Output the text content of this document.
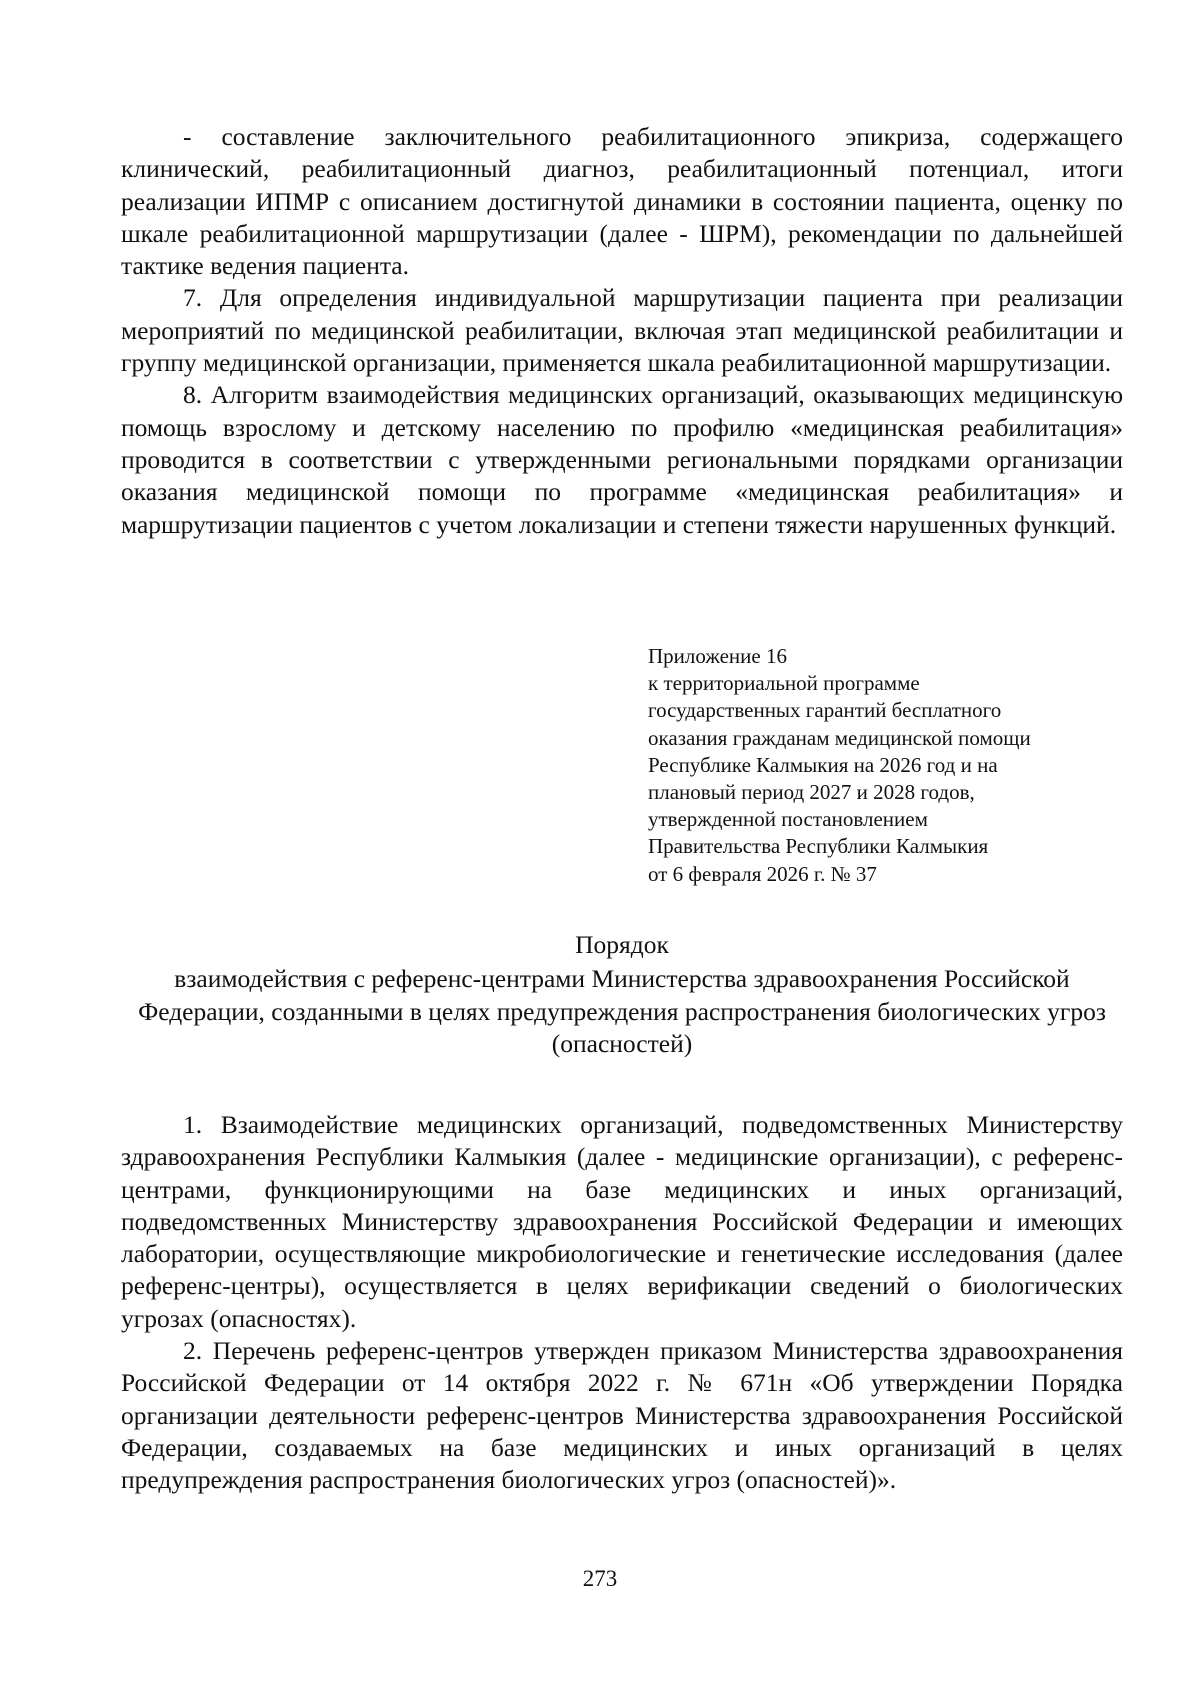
- составление заключительного реабилитационного эпикриза, содержащего клинический, реабилитационный диагноз, реабилитационный потенциал, итоги реализации ИПМР с описанием достигнутой динамики в состоянии пациента, оценку по шкале реабилитационной маршрутизации (далее - ШРМ), рекомендации по дальнейшей тактике ведения пациента.

7. Для определения индивидуальной маршрутизации пациента при реализации мероприятий по медицинской реабилитации, включая этап медицинской реабилитации и группу медицинской организации, применяется шкала реабилитационной маршрутизации.

8. Алгоритм взаимодействия медицинских организаций, оказывающих медицинскую помощь взрослому и детскому населению по профилю «медицинская реабилитация» проводится в соответствии с утвержденными региональными порядками организации оказания медицинской помощи по программе «медицинская реабилитация» и маршрутизации пациентов с учетом локализации и степени тяжести нарушенных функций.

Приложение 16
к территориальной программе
государственных гарантий бесплатного
оказания гражданам медицинской помощи
Республике Калмыкия на 2026 год и на
плановый период 2027 и 2028 годов,
утвержденной постановлением
Правительства Республики Калмыкия
от 6 февраля 2026 г. № 37
Порядок
взаимодействия с референс-центрами Министерства здравоохранения Российской Федерации, созданными в целях предупреждения распространения биологических угроз (опасностей)

1. Взаимодействие медицинских организаций, подведомственных Министерству здравоохранения Республики Калмыкия (далее - медицинские организации), с референс-центрами, функционирующими на базе медицинских и иных организаций, подведомственных Министерству здравоохранения Российской Федерации и имеющих лаборатории, осуществляющие микробиологические и генетические исследования (далее референс-центры), осуществляется в целях верификации сведений о биологических угрозах (опасностях).

2. Перечень референс-центров утвержден приказом Министерства здравоохранения Российской Федерации от 14 октября 2022 г. № 671н «Об утверждении Порядка организации деятельности референс-центров Министерства здравоохранения Российской Федерации, создаваемых на базе медицинских и иных организаций в целях предупреждения распространения биологических угроз (опасностей)».

273
